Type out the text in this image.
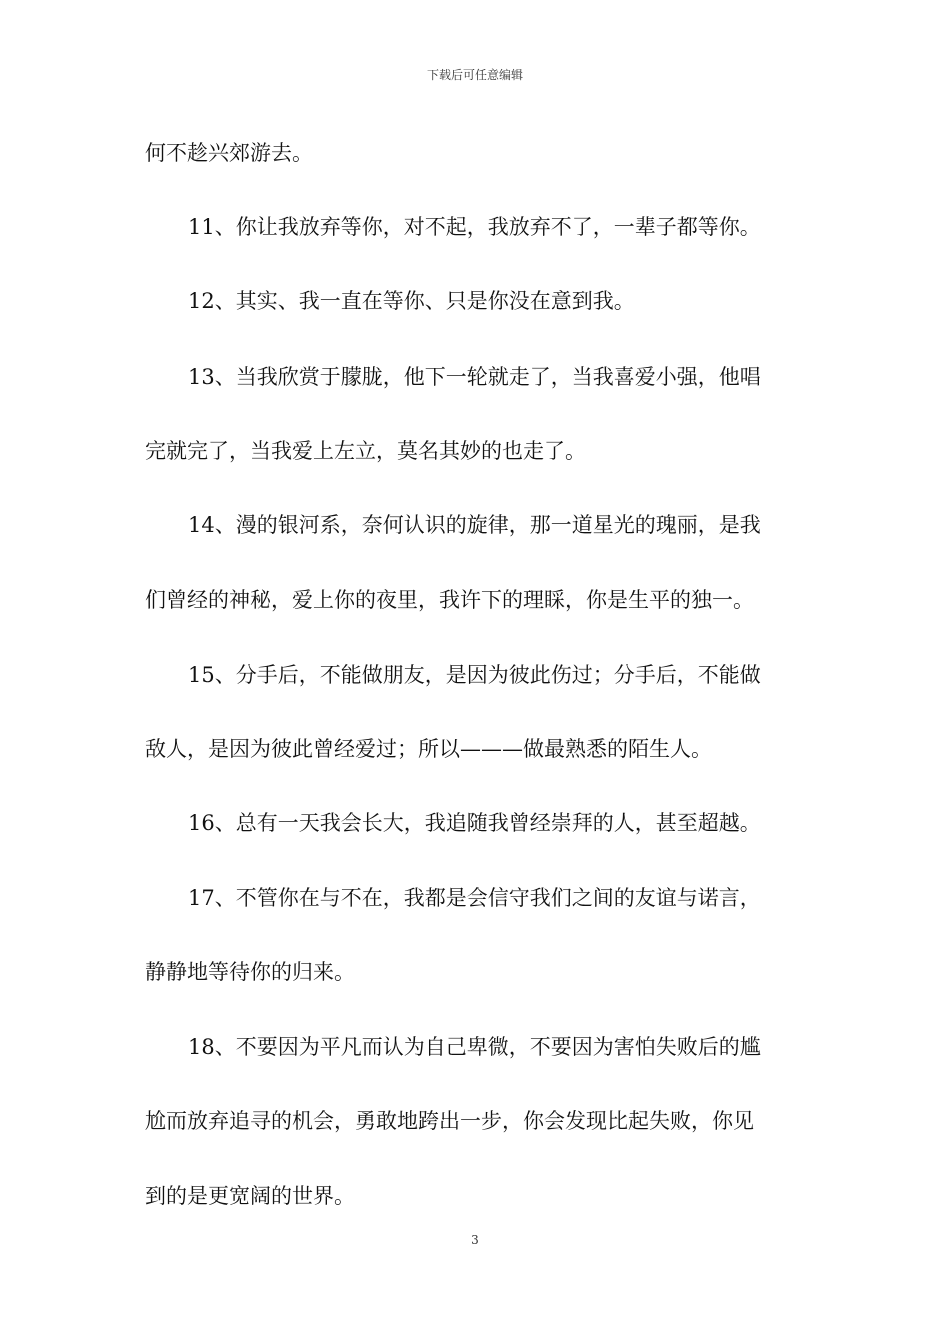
下载后可任意编辑
何不趁兴郊游去。
11、你让我放弃等你，对不起，我放弃不了，一辈子都等你。
12、其实、我一直在等你、只是你没在意到我。
13、当我欣赏于朦胧，他下一轮就走了，当我喜爱小强，他唱
完就完了，当我爱上左立，莫名其妙的也走了。
14、漫的银河系，奈何认识的旋律，那一道星光的瑰丽，是我
们曾经的神秘，爱上你的夜里，我许下的理睬，你是生平的独一。
15、分手后，不能做朋友，是因为彼此伤过；分手后，不能做
敌人，是因为彼此曾经爱过；所以———做最熟悉的陌生人。
16、总有一天我会长大，我追随我曾经崇拜的人，甚至超越。
17、不管你在与不在，我都是会信守我们之间的友谊与诺言，
静静地等待你的归来。
18、不要因为平凡而认为自己卑微，不要因为害怕失败后的尴
尬而放弃追寻的机会，勇敢地跨出一步，你会发现比起失败，你见
到的是更宽阔的世界。
3
